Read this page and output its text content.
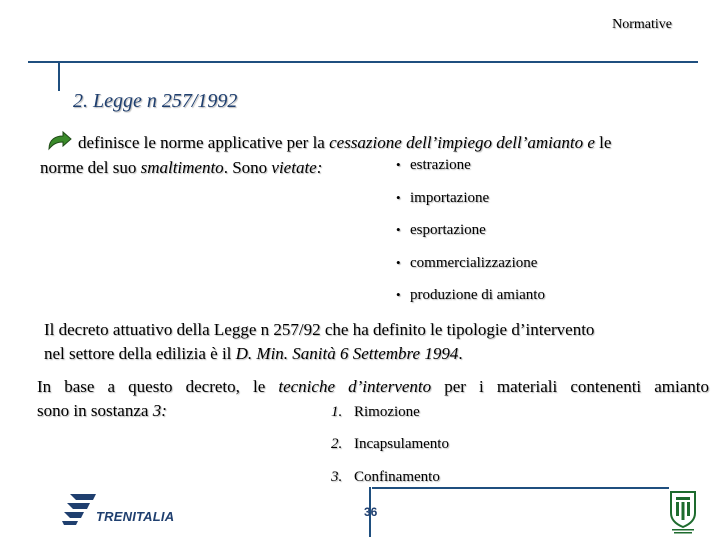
Normative
2. Legge n 257/1992
definisce le norme applicative per la cessazione dell’impiego dell’amianto e le
norme del suo smaltimento. Sono vietate:	• estrazione
• importazione
• esportazione
• commercializzazione
• produzione di amianto
Il decreto attuativo della Legge n 257/92 che ha definito le tipologie d’intervento
nel settore della edilizia è il D. Min. Sanità 6 Settembre 1994.
In base a questo decreto, le tecniche d’intervento per i materiali contenenti amianto
sono in sostanza 3:	1. Rimozione
2. Incapsulamento
3. Confinamento
TRENITALIA	36
